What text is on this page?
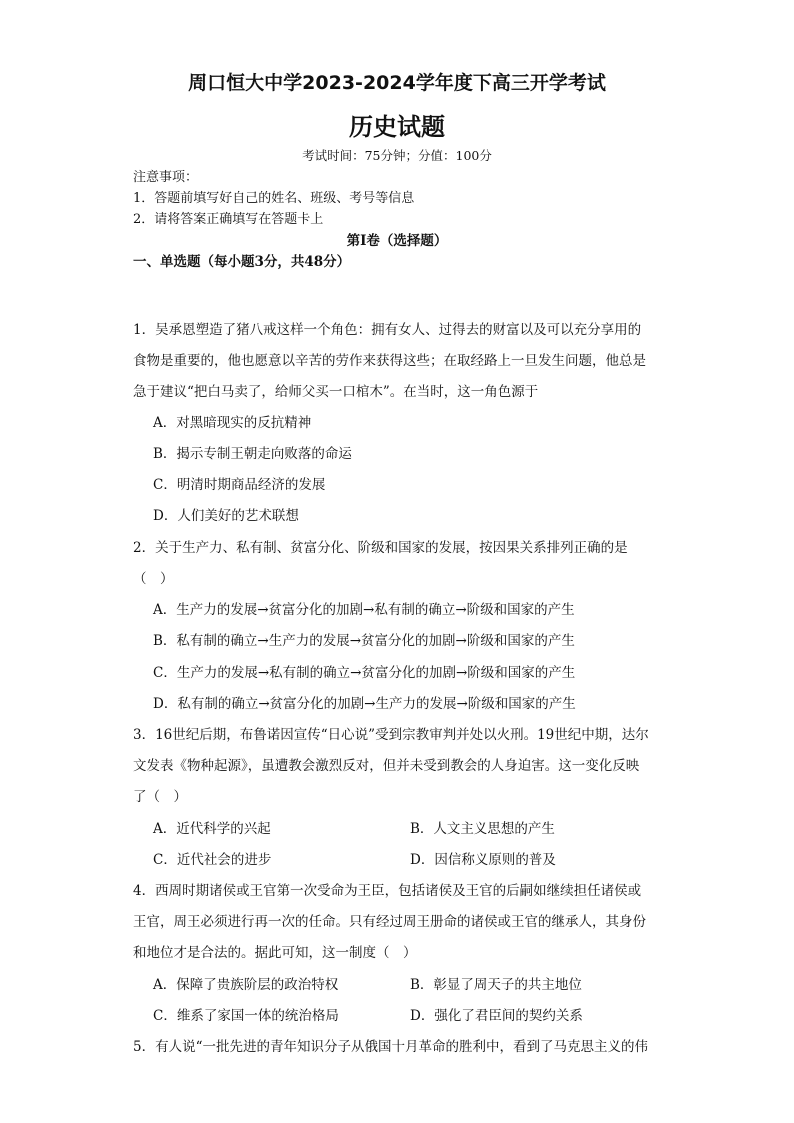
周口恒大中学2023-2024学年度下高三开学考试
历史试题
考试时间：75分钟；分值：100分
注意事项：
1．答题前填写好自己的姓名、班级、考号等信息
2．请将答案正确填写在答题卡上
第I卷（选择题）
一、单选题（每小题3分，共48分）
1．吴承恩塑造了猪八戒这样一个角色：拥有女人、过得去的财富以及可以充分享用的
食物是重要的，他也愿意以辛苦的劳作来获得这些；在取经路上一旦发生问题，他总是
急于建议“把白马卖了，给师父买一口棺木”。在当时，这一角色源于
A．对黑暗现实的反抗精神
B．揭示专制王朝走向败落的命运
C．明清时期商品经济的发展
D．人们美好的艺术联想
2．关于生产力、私有制、贫富分化、阶级和国家的发展，按因果关系排列正确的是
（　）
A．生产力的发展→贫富分化的加剧→私有制的确立→阶级和国家的产生
B．私有制的确立→生产力的发展→贫富分化的加剧→阶级和国家的产生
C．生产力的发展→私有制的确立→贫富分化的加剧→阶级和国家的产生
D．私有制的确立→贫富分化的加剧→生产力的发展→阶级和国家的产生
3．16世纪后期，布鲁诺因宣传“日心说”受到宗教审判并处以火刑。19世纪中期，达尔
文发表《物种起源》，虽遭教会激烈反对，但并未受到教会的人身迫害。这一变化反映
了（　）
A．近代科学的兴起	B．人文主义思想的产生
C．近代社会的进步	D．因信称义原则的普及
4．西周时期诸侯或王官第一次受命为王臣，包括诸侯及王官的后嗣如继续担任诸侯或
王官，周王必须进行再一次的任命。只有经过周王册命的诸侯或王官的继承人，其身份
和地位才是合法的。据此可知，这一制度（　）
A．保障了贵族阶层的政治特权	B．彰显了周天子的共主地位
C．维系了家国一体的统治格局	D．强化了君臣间的契约关系
5．有人说“一批先进的青年知识分子从俄国十月革命的胜利中，看到了马克思主义的伟
